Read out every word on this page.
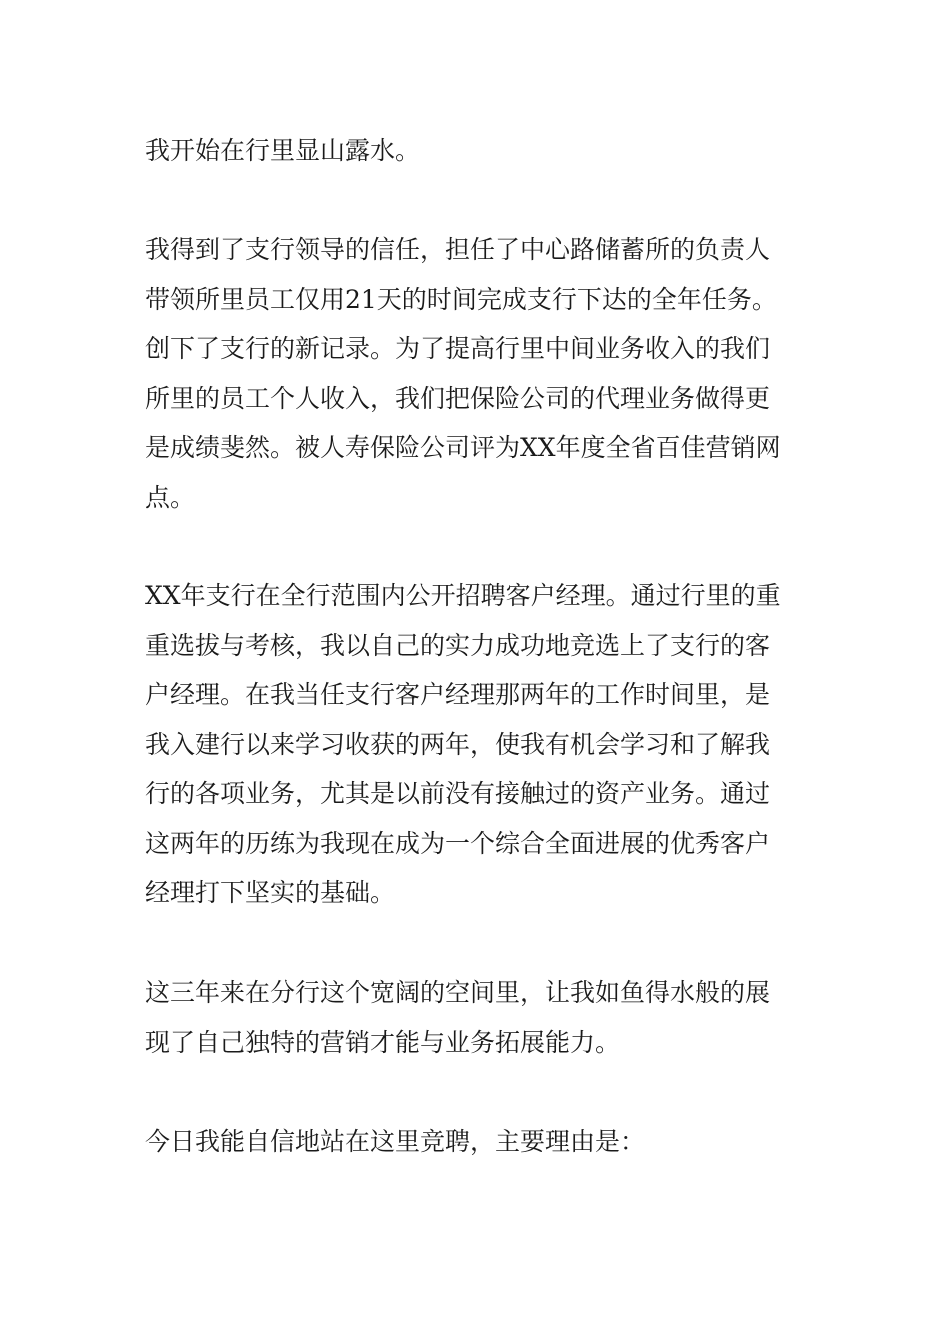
我开始在行里显山露水。

我得到了支行领导的信任，担任了中心路储蓄所的负责人
带领所里员工仅用21天的时间完成支行下达的全年任务。
创下了支行的新记录。为了提高行里中间业务收入的我们
所里的员工个人收入，我们把保险公司的代理业务做得更
是成绩斐然。被人寿保险公司评为XX年度全省百佳营销网
点。

XX年支行在全行范围内公开招聘客户经理。通过行里的重
重选拔与考核，我以自己的实力成功地竞选上了支行的客
户经理。在我当任支行客户经理那两年的工作时间里，是
我入建行以来学习收获的两年，使我有机会学习和了解我
行的各项业务，尤其是以前没有接触过的资产业务。通过
这两年的历练为我现在成为一个综合全面进展的优秀客户
经理打下坚实的基础。

这三年来在分行这个宽阔的空间里，让我如鱼得水般的展
现了自己独特的营销才能与业务拓展能力。

今日我能自信地站在这里竞聘，主要理由是：
